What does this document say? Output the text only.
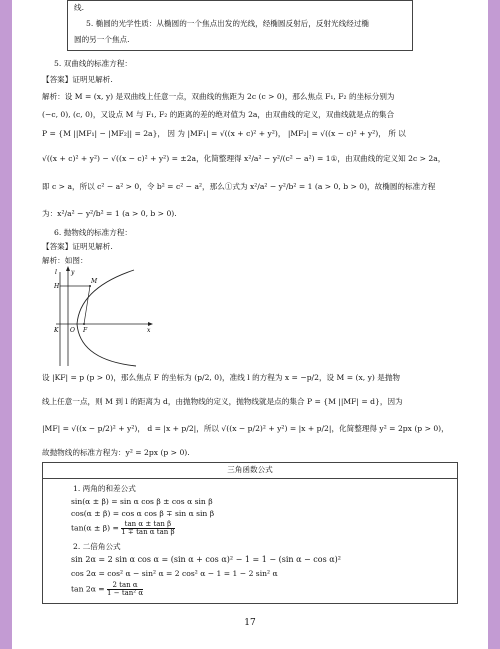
线.
5. 椭圆的光学性质：从椭圆的一个焦点出发的光线，经椭圆反射后，反射光线经过椭
圆的另一个焦点.
5. 双曲线的标准方程：
【答案】证明见解析.
解析：设 M = (x, y) 是双曲线上任意一点，双曲线的焦距为 2c (c > 0)，那么焦点 F₁, F₂ 的坐标分别为
(−c, 0), (c, 0)，又设点 M 与 F₁, F₂ 的距离的差的绝对值为 2a，由双曲线的定义，双曲线就是点的集合
P = {M ||MF₁| − |MF₂|| = 2a}， 因 为 |MF₁| = √((x + c)² + y²)， |MF₂| = √((x − c)² + y²)， 所 以
√((x + c)² + y²) − √((x − c)² + y²) = ±2a，化简整理得 x²/a² − y²/(c² − a²) = 1①，由双曲线的定义知 2c > 2a，
即 c > a，所以 c² − a² > 0，令 b² = c² − a²，那么①式为 x²/a² − y²/b² = 1 (a > 0, b > 0)，故椭圆的标准方程
为：x²/a² − y²/b² = 1 (a > 0, b > 0).
6. 抛物线的标准方程：
【答案】证明见解析.
解析：如图：
y
l
H
M
K O F	x
设 |KF| = p (p > 0)，那么焦点 F 的坐标为 (p/2, 0)，准线 l 的方程为 x = −p/2，设 M = (x, y) 是抛物
线上任意一点，则 M 到 l 的距离为 d，由抛物线的定义，抛物线就是点的集合 P = {M ||MF| = d}，因为
|MF| = √((x − p/2)² + y²)， d = |x + p/2|，所以 √((x − p/2)² + y²) = |x + p/2|，化简整理得 y² = 2px (p > 0)，
故抛物线的标准方程为：y² = 2px (p > 0).
三角函数公式
1. 两角的和差公式
sin(α ± β) = sin α cos β ± cos α sin β
cos(α ± β) = cos α cos β ∓ sin α sin β
$\tan(\alpha \pm \beta) = \frac{\text{tan α ± tan β}}{\text{1 ∓ tan α tan β}}$
2. 二倍角公式
sin 2α = 2 sin α cos α = (sin α + cos α)² − 1 = 1 − (sin α − cos α)²
cos 2α = cos² α − sin² α = 2 cos² α − 1 = 1 − 2 sin² α
$\tan 2\alpha = \frac{\text{2 tan α}}{\text{1 − tan² α}}$
17
